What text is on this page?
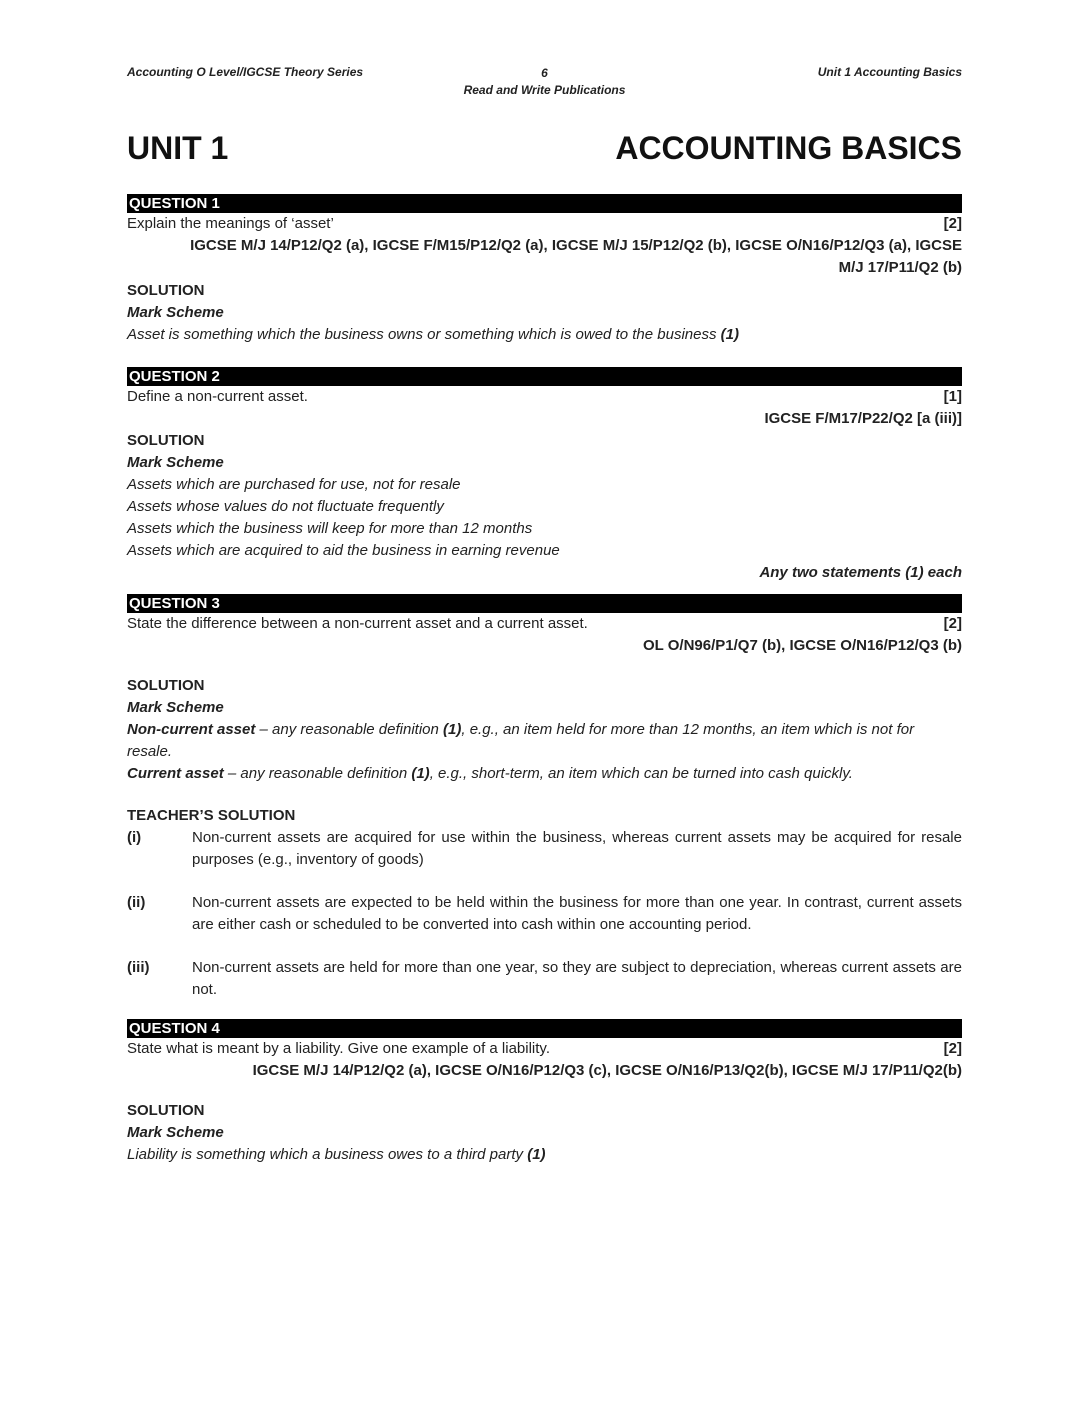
Accounting O Level/IGCSE Theory Series	6
Read and Write Publications
Unit 1 Accounting Basics
UNIT 1	ACCOUNTING BASICS
QUESTION 1
Explain the meanings of ‘asset’	[2]
IGCSE M/J 14/P12/Q2 (a), IGCSE F/M15/P12/Q2 (a), IGCSE M/J 15/P12/Q2 (b), IGCSE O/N16/P12/Q3 (a), IGCSE
M/J 17/P11/Q2 (b)
SOLUTION
Mark Scheme
Asset is something which the business owns or something which is owed to the business (1)
QUESTION 2
Define a non-current asset.	[1]
IGCSE F/M17/P22/Q2 [a (iii)]
SOLUTION
Mark Scheme
Assets which are purchased for use, not for resale
Assets whose values do not fluctuate frequently
Assets which the business will keep for more than 12 months
Assets which are acquired to aid the business in earning revenue
Any two statements (1) each
QUESTION 3
State the difference between a non-current asset and a current asset.	[2]
OL O/N96/P1/Q7 (b), IGCSE O/N16/P12/Q3 (b)
SOLUTION
Mark Scheme
Non-current asset – any reasonable definition (1), e.g., an item held for more than 12 months, an item which is not for resale.
Current asset – any reasonable definition (1), e.g., short-term, an item which can be turned into cash quickly.
TEACHER’S SOLUTION
(i)	Non-current assets are acquired for use within the business, whereas current assets may be acquired for resale purposes (e.g., inventory of goods)
(ii)	Non-current assets are expected to be held within the business for more than one year. In contrast, current assets are either cash or scheduled to be converted into cash within one accounting period.
(iii)	Non-current assets are held for more than one year, so they are subject to depreciation, whereas current assets are not.
QUESTION 4
State what is meant by a liability. Give one example of a liability.	[2]
IGCSE M/J 14/P12/Q2 (a), IGCSE O/N16/P12/Q3 (c), IGCSE O/N16/P13/Q2(b), IGCSE M/J 17/P11/Q2(b)
SOLUTION
Mark Scheme
Liability is something which a business owes to a third party (1)
